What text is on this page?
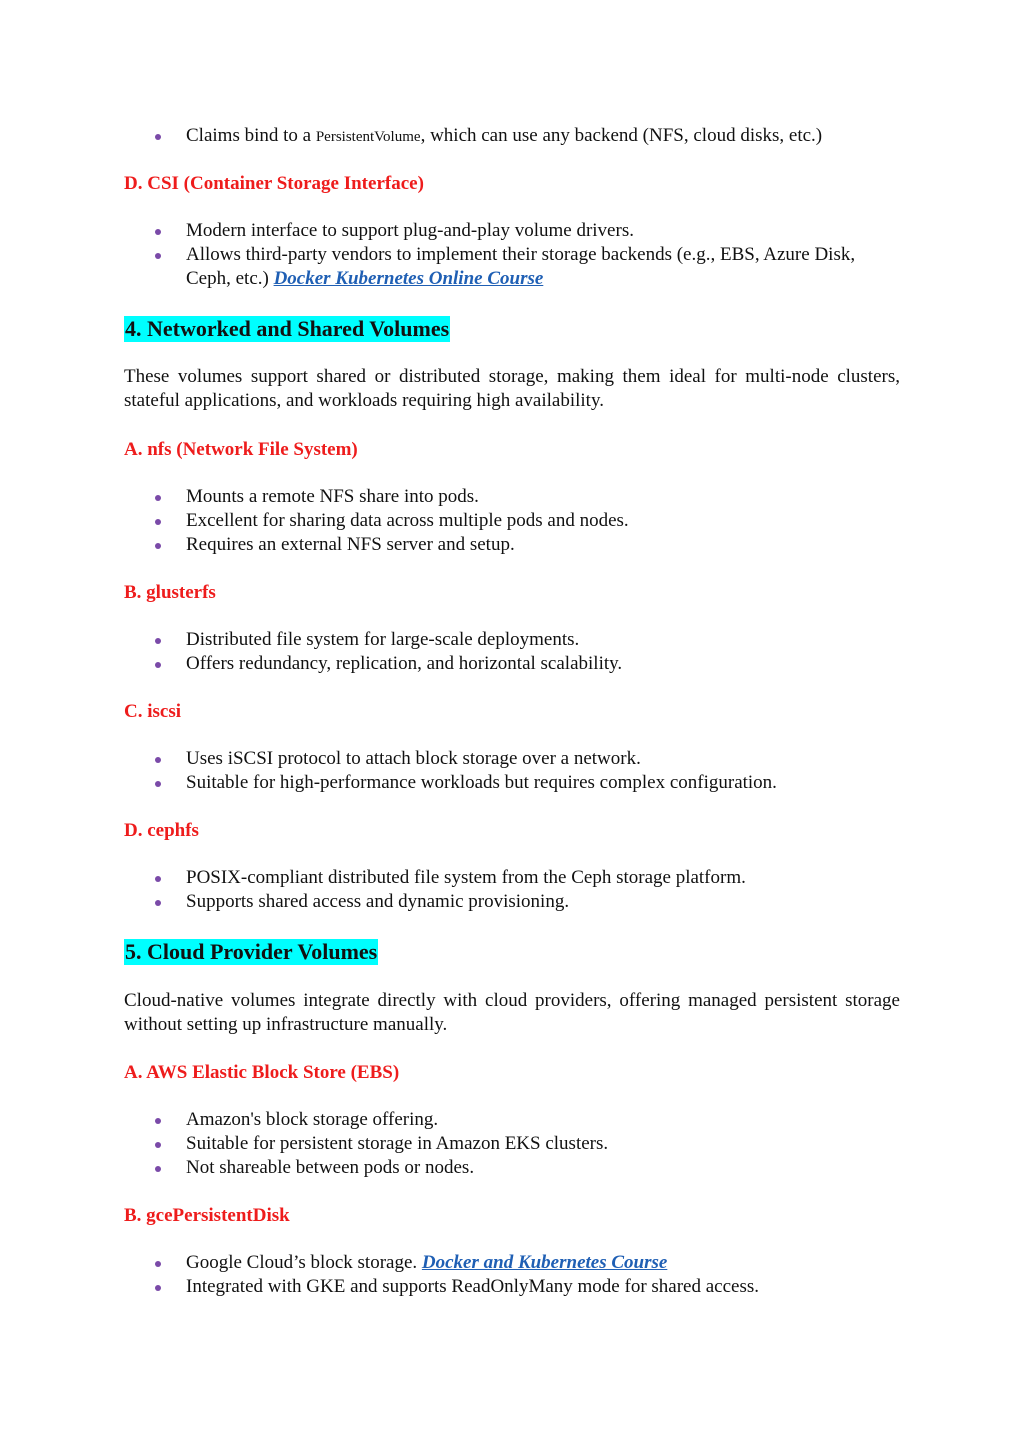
Claims bind to a PersistentVolume, which can use any backend (NFS, cloud disks, etc.)
D. CSI (Container Storage Interface)
Modern interface to support plug-and-play volume drivers.
Allows third-party vendors to implement their storage backends (e.g., EBS, Azure Disk, Ceph, etc.) Docker Kubernetes Online Course
4. Networked and Shared Volumes

These volumes support shared or distributed storage, making them ideal for multi-node clusters, stateful applications, and workloads requiring high availability.

A. nfs (Network File System)
Mounts a remote NFS share into pods.
Excellent for sharing data across multiple pods and nodes.
Requires an external NFS server and setup.
B. glusterfs
Distributed file system for large-scale deployments.
Offers redundancy, replication, and horizontal scalability.
C. iscsi
Uses iSCSI protocol to attach block storage over a network.
Suitable for high-performance workloads but requires complex configuration.
D. cephfs
POSIX-compliant distributed file system from the Ceph storage platform.
Supports shared access and dynamic provisioning.
5. Cloud Provider Volumes

Cloud-native volumes integrate directly with cloud providers, offering managed persistent storage without setting up infrastructure manually.

A. AWS Elastic Block Store (EBS)
Amazon's block storage offering.
Suitable for persistent storage in Amazon EKS clusters.
Not shareable between pods or nodes.
B. gcePersistentDisk
Google Cloud’s block storage. Docker and Kubernetes Course
Integrated with GKE and supports ReadOnlyMany mode for shared access.
